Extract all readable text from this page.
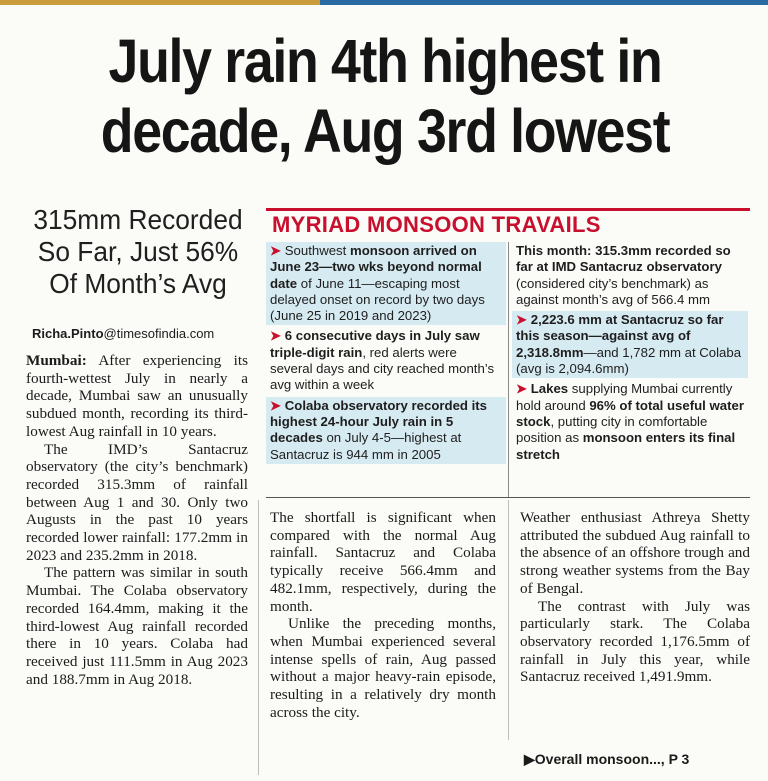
July rain 4th highest in decade, Aug 3rd lowest
315mm Recorded So Far, Just 56% Of Month’s Avg
Richa.Pinto@timesofindia.com

Mumbai: After experiencing its fourth-wettest July in nearly a decade, Mumbai saw an unusually subdued month, recording its third-lowest Aug rainfall in 10 years.

The IMD’s Santacruz observatory (the city’s benchmark) recorded 315.3mm of rainfall between Aug 1 and 30. Only two Augusts in the past 10 years recorded lower rainfall: 177.2mm in 2023 and 235.2mm in 2018.

The pattern was similar in south Mumbai. The Colaba observatory recorded 164.4mm, making it the third-lowest Aug rainfall recorded there in 10 years. Colaba had received just 111.5mm in Aug 2023 and 188.7mm in Aug 2018.

The shortfall is significant when compared with the normal Aug rainfall. Santacruz and Colaba typically receive 566.4mm and 482.1mm, respectively, during the month.

Unlike the preceding months, when Mumbai experienced several intense spells of rain, Aug passed without a major heavy-rain episode, resulting in a relatively dry month across the city.

Weather enthusiast Athreya Shetty attributed the subdued Aug rainfall to the absence of an offshore trough and strong weather systems from the Bay of Bengal.

The contrast with July was particularly stark. The Colaba observatory recorded 1,176.5mm of rainfall in July this year, while Santacruz received 1,491.9mm.

MYRIAD MONSOON TRAVAILS
➤ Southwest monsoon arrived on June 23—two wks beyond normal date of June 11—escaping most delayed onset on record by two days (June 25 in 2019 and 2023)
➤ 6 consecutive days in July saw triple-digit rain, red alerts were several days and city reached month’s avg within a week
➤ Colaba observatory recorded its highest 24-hour July rain in 5 decades on July 4-5—highest at Santacruz is 944 mm in 2005
This month: 315.3mm recorded so far at IMD Santacruz observatory (considered city’s benchmark) as against month’s avg of 566.4 mm
➤ 2,223.6 mm at Santacruz so far this season—against avg of 2,318.8mm—and 1,782 mm at Colaba (avg is 2,094.6mm)
➤ Lakes supplying Mumbai currently hold around 96% of total useful water stock, putting city in comfortable position as monsoon enters its final stretch
▶Overall monsoon..., P 3
